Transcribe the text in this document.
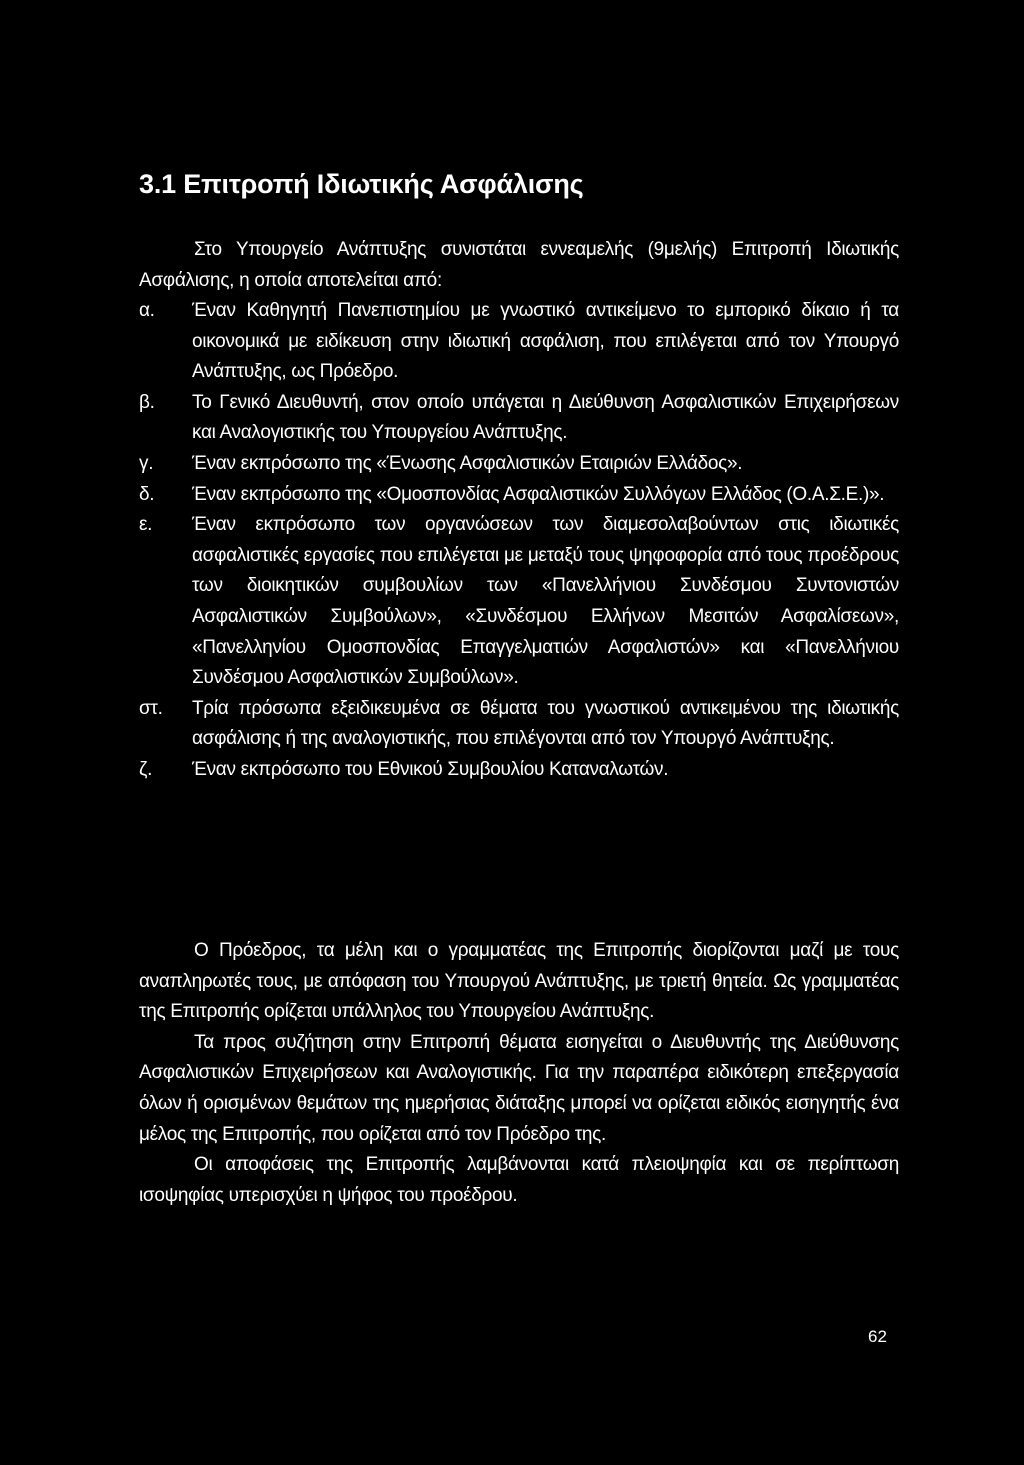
3.1 Επιτροπή Ιδιωτικής Ασφάλισης

Στο Υπουργείο Ανάπτυξης συνιστάται εννεαμελής (9μελής) Επιτροπή Ιδιωτικής Ασφάλισης, η οποία αποτελείται από:

α.	Έναν Καθηγητή Πανεπιστημίου με γνωστικό αντικείμενο το εμπορικό δίκαιο ή τα οικονομικά με ειδίκευση στην ιδιωτική ασφάλιση, που επιλέγεται από τον Υπουργό Ανάπτυξης, ως Πρόεδρο.
β.	Το Γενικό Διευθυντή, στον οποίο υπάγεται η Διεύθυνση Ασφαλιστικών Επιχειρήσεων και Αναλογιστικής του Υπουργείου Ανάπτυξης.
γ.	Έναν εκπρόσωπο της «Ένωσης Ασφαλιστικών Εταιριών Ελλάδος».
δ.	Έναν εκπρόσωπο της «Ομοσπονδίας Ασφαλιστικών Συλλόγων Ελλάδος (Ο.Α.Σ.Ε.)».
ε.	Έναν εκπρόσωπο των οργανώσεων των διαμεσολαβούντων στις ιδιωτικές ασφαλιστικές εργασίες που επιλέγεται με μεταξύ τους ψηφοφορία από τους προέδρους των διοικητικών συμβουλίων των «Πανελλήνιου Συνδέσμου Συντονιστών Ασφαλιστικών Συμβούλων», «Συνδέσμου Ελλήνων Μεσιτών Ασφαλίσεων», «Πανελληνίου Ομοσπονδίας Επαγγελματιών Ασφαλιστών» και «Πανελλήνιου Συνδέσμου Ασφαλιστικών Συμβούλων».
στ.	Τρία πρόσωπα εξειδικευμένα σε θέματα του γνωστικού αντικειμένου της ιδιωτικής ασφάλισης ή της αναλογιστικής, που επιλέγονται από τον Υπουργό Ανάπτυξης.
ζ.	Έναν εκπρόσωπο του Εθνικού Συμβουλίου Καταναλωτών.

Ο Πρόεδρος, τα μέλη και ο γραμματέας της Επιτροπής διορίζονται μαζί με τους αναπληρωτές τους, με απόφαση του Υπουργού Ανάπτυξης, με τριετή θητεία. Ως γραμματέας της Επιτροπής ορίζεται υπάλληλος του Υπουργείου Ανάπτυξης.

Τα προς συζήτηση στην Επιτροπή θέματα εισηγείται ο Διευθυντής της Διεύθυνσης Ασφαλιστικών Επιχειρήσεων και Αναλογιστικής. Για την παραπέρα ειδικότερη επεξεργασία όλων ή ορισμένων θεμάτων της ημερήσιας διάταξης μπορεί να ορίζεται ειδικός εισηγητής ένα μέλος της Επιτροπής, που ορίζεται από τον Πρόεδρο της.

Οι αποφάσεις της Επιτροπής λαμβάνονται κατά πλειοψηφία και σε περίπτωση ισοψηφίας υπερισχύει η ψήφος του προέδρου.

62
